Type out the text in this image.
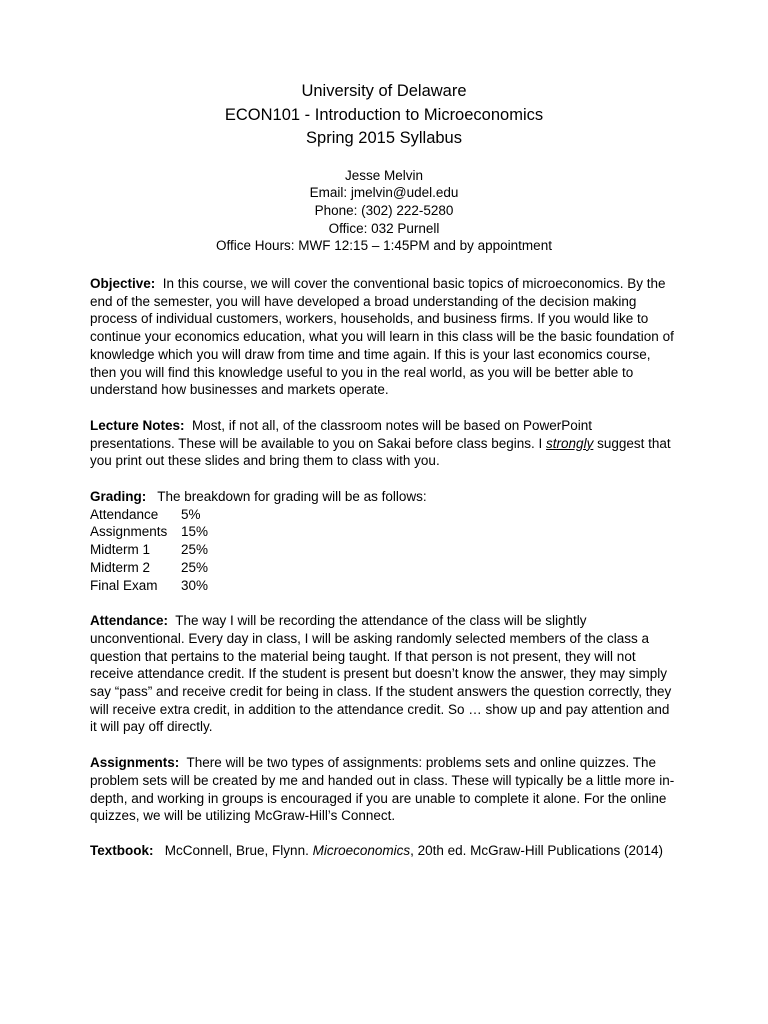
University of Delaware
ECON101 - Introduction to Microeconomics
Spring 2015 Syllabus
Jesse Melvin
Email: jmelvin@udel.edu
Phone: (302) 222-5280
Office: 032 Purnell
Office Hours: MWF 12:15 – 1:45PM and by appointment

Objective: In this course, we will cover the conventional basic topics of microeconomics. By the end of the semester, you will have developed a broad understanding of the decision making process of individual customers, workers, households, and business firms. If you would like to continue your economics education, what you will learn in this class will be the basic foundation of knowledge which you will draw from time and time again. If this is your last economics course, then you will find this knowledge useful to you in the real world, as you will be better able to understand how businesses and markets operate.

Lecture Notes: Most, if not all, of the classroom notes will be based on PowerPoint presentations. These will be available to you on Sakai before class begins. I strongly suggest that you print out these slides and bring them to class with you.

Grading: The breakdown for grading will be as follows:
Attendance	5%
Assignments	15%
Midterm 1	25%
Midterm 2	25%
Final Exam	30%

Attendance: The way I will be recording the attendance of the class will be slightly unconventional. Every day in class, I will be asking randomly selected members of the class a question that pertains to the material being taught. If that person is not present, they will not receive attendance credit. If the student is present but doesn’t know the answer, they may simply say “pass” and receive credit for being in class. If the student answers the question correctly, they will receive extra credit, in addition to the attendance credit. So … show up and pay attention and it will pay off directly.

Assignments: There will be two types of assignments: problems sets and online quizzes. The problem sets will be created by me and handed out in class. These will typically be a little more in-depth, and working in groups is encouraged if you are unable to complete it alone. For the online quizzes, we will be utilizing McGraw-Hill’s Connect.

Textbook: McConnell, Brue, Flynn. Microeconomics, 20th ed. McGraw-Hill Publications (2014)
